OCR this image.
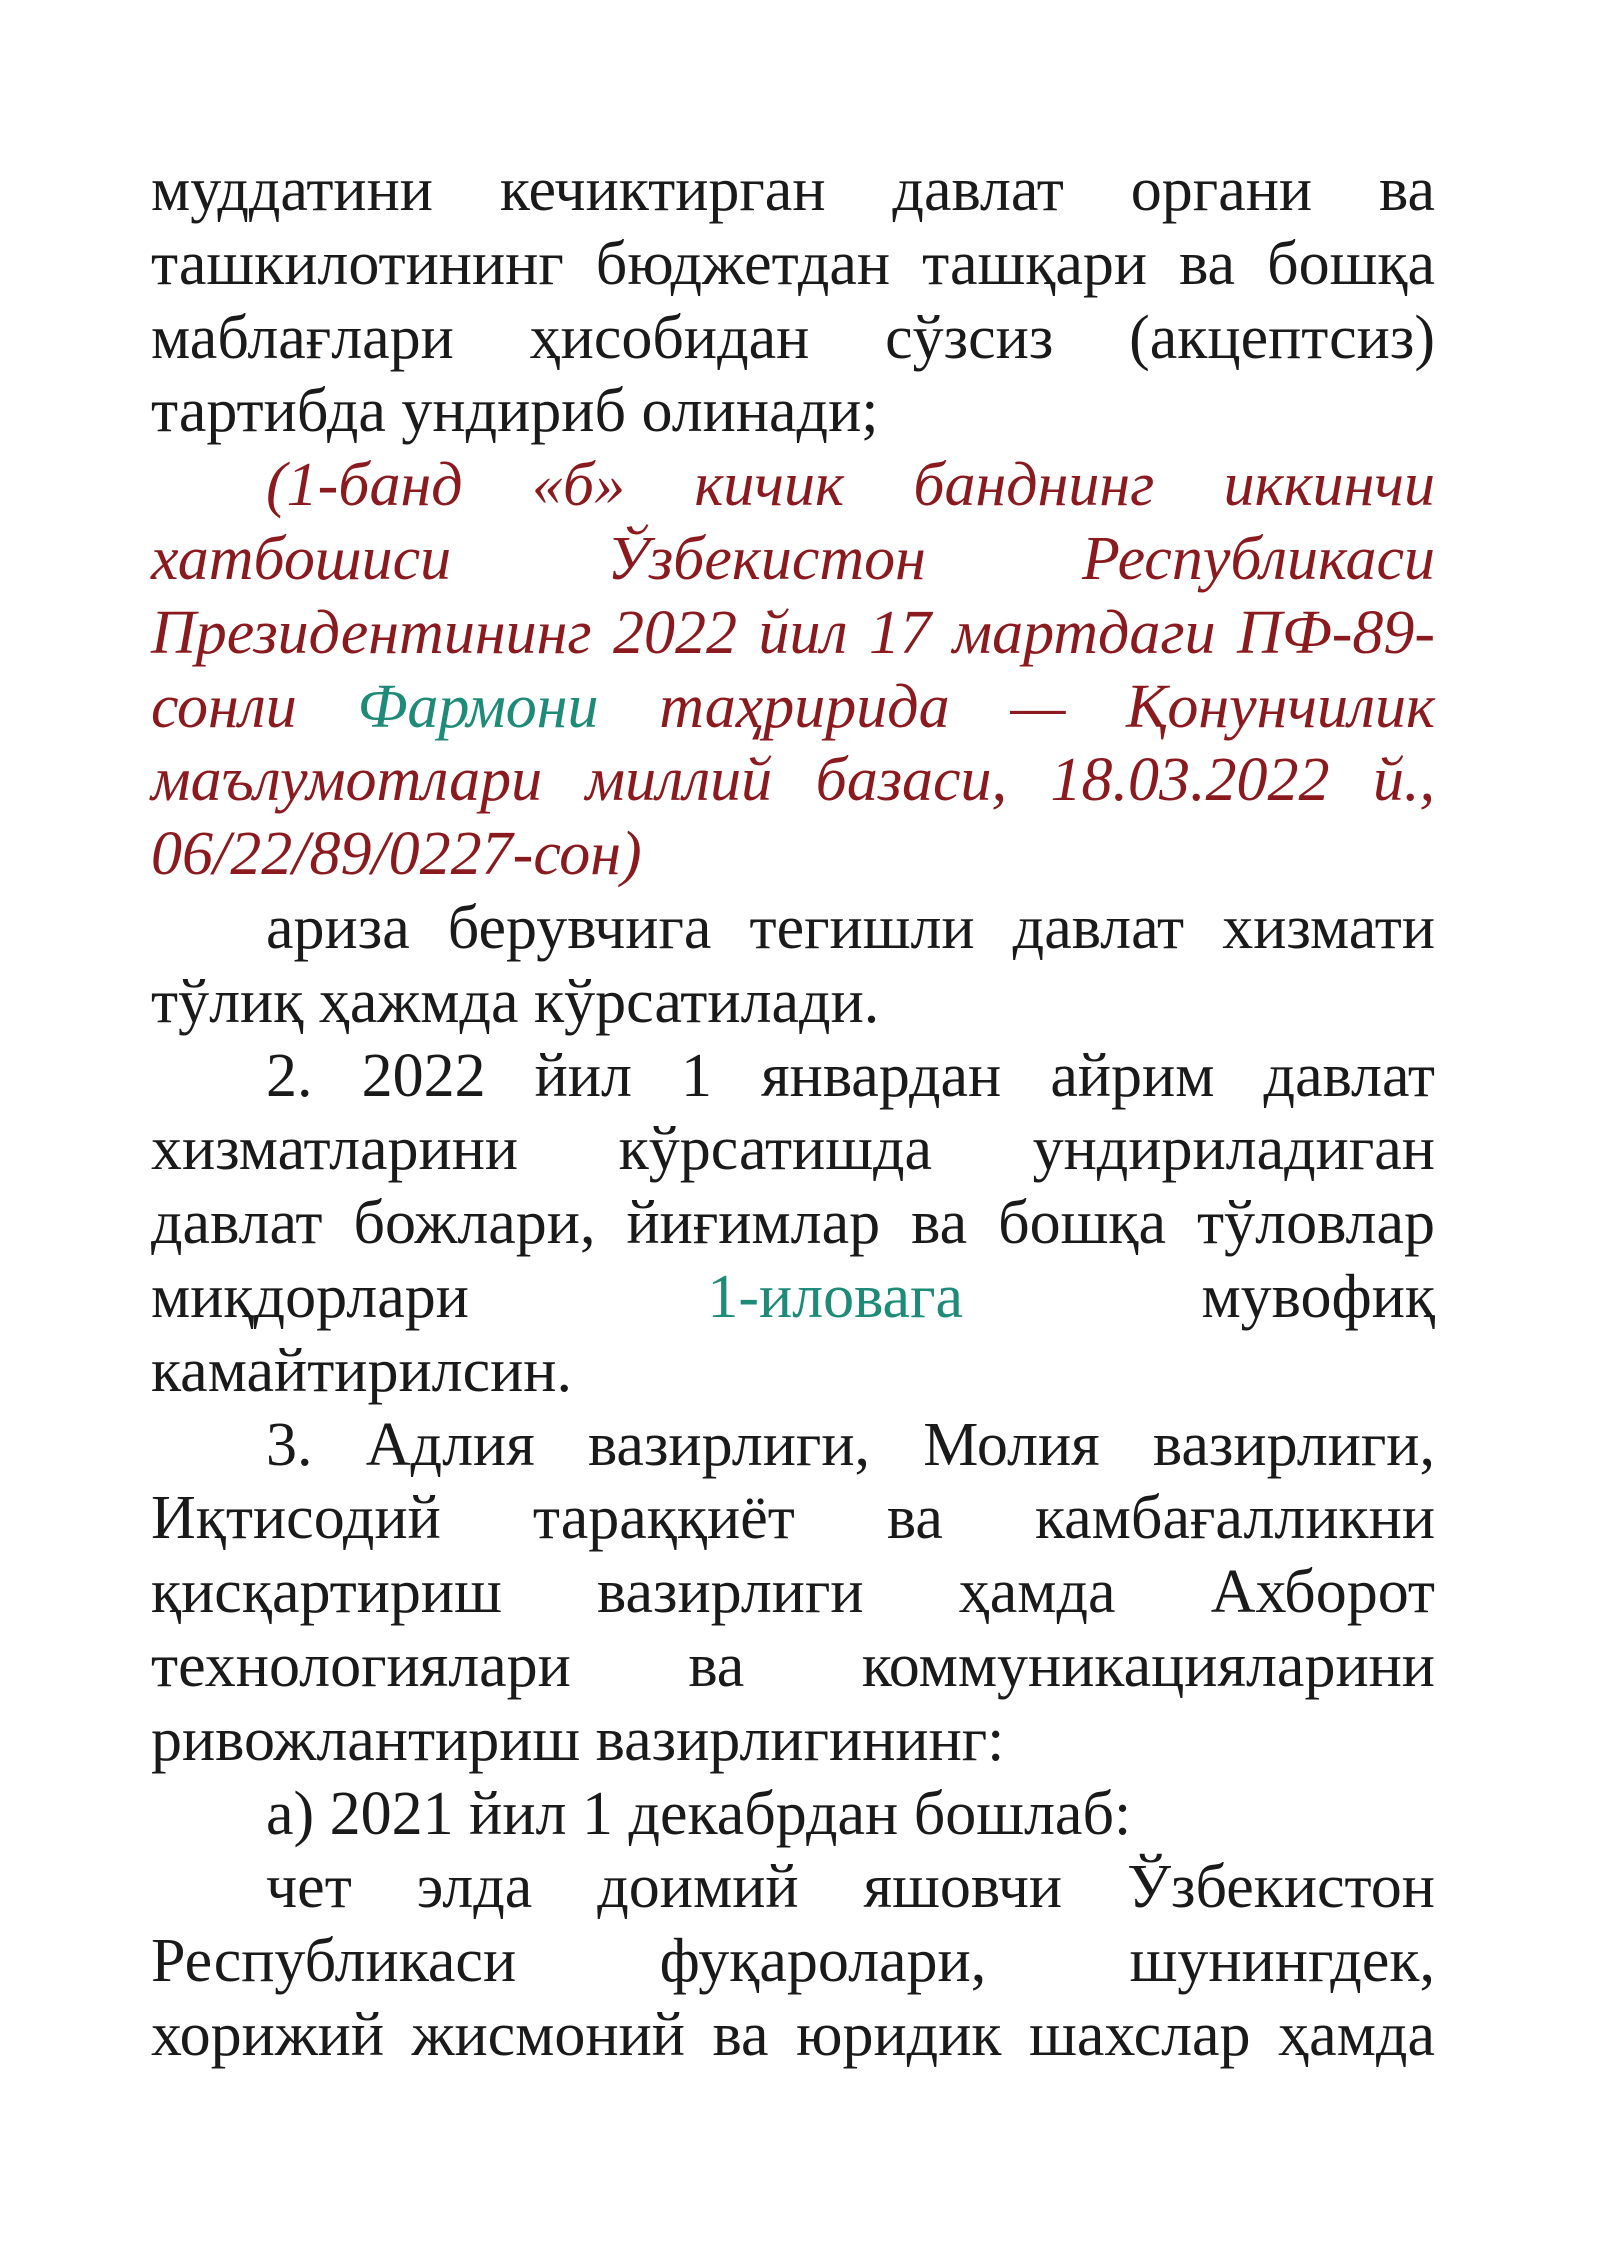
муддатини кечиктирган давлат органи ва
ташкилотининг бюджетдан ташқари ва бошқа
маблағлари ҳисобидан сўзсиз (акцептсиз)
тартибда ундириб олинади;
(1-банд «б» кичик банднинг иккинчи
хатбошиси Ўзбекистон Республикаси
Президентининг 2022 йил 17 мартдаги ПФ-89-
сонли Фармони таҳририда — Қонунчилик
маълумотлари миллий базаси, 18.03.2022 й.,
06/22/89/0227-сон)
ариза берувчига тегишли давлат хизмати
тўлиқ ҳажмда кўрсатилади.
2. 2022 йил 1 январдан айрим давлат
хизматларини кўрсатишда ундириладиган
давлат божлари, йиғимлар ва бошқа тўловлар
миқдорлари 1-иловага мувофиқ
камайтирилсин.
3. Адлия вазирлиги, Молия вазирлиги,
Иқтисодий тараққиёт ва камбағалликни
қисқартириш вазирлиги ҳамда Ахборот
технологиялари ва коммуникацияларини
ривожлантириш вазирлигининг:
а) 2021 йил 1 декабрдан бошлаб:
чет элда доимий яшовчи Ўзбекистон
Республикаси фуқаролари, шунингдек,
хорижий жисмоний ва юридик шахслар ҳамда
